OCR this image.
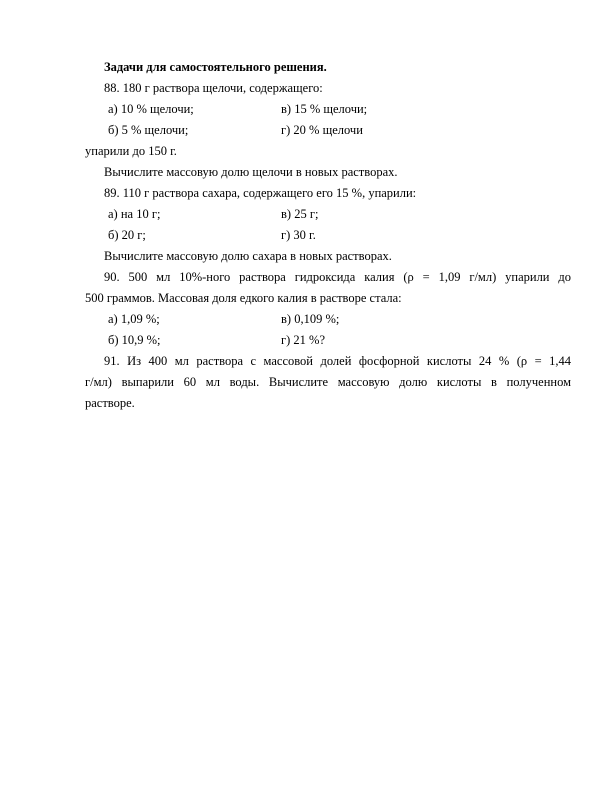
Задачи для самостоятельного решения.
88. 180 г раствора щелочи, содержащего:
а) 10 % щелочи;	в) 15 % щелочи;
б) 5 % щелочи;	г) 20 % щелочи
упарили до 150 г.
Вычислите массовую долю щелочи в новых растворах.
89. 110 г раствора сахара, содержащего его 15 %, упарили:
а) на 10 г;	в) 25 г;
б) 20 г;	г) 30 г.
Вычислите массовую долю сахара в новых растворах.
90. 500 мл 10%-ного раствора гидроксида калия (ρ = 1,09 г/мл) упарили до
500 граммов. Массовая доля едкого калия в растворе стала:
а) 1,09 %;	в) 0,109 %;
б) 10,9 %;	г) 21 %?
91. Из 400 мл раствора с массовой долей фосфорной кислоты 24 % (ρ = 1,44
г/мл) выпарили 60 мл воды. Вычислите массовую долю кислоты в полученном
растворе.
